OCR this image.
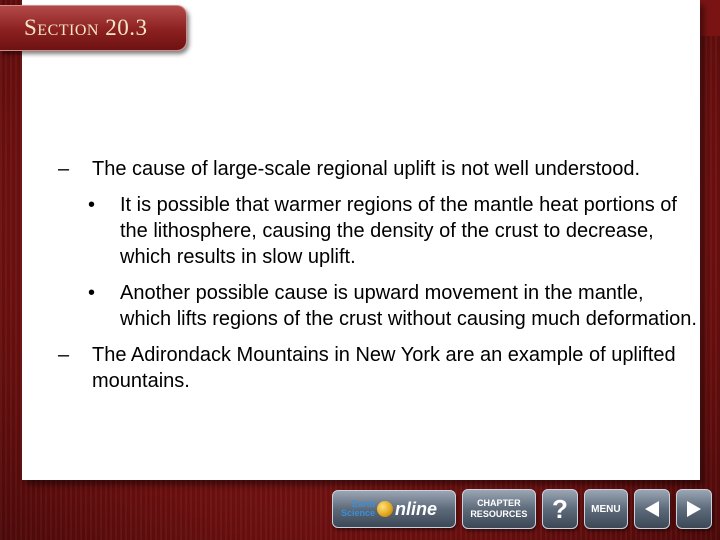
Section 20.3	Other Types of Mountains
– The cause of large-scale regional uplift is not well understood.
• It is possible that warmer regions of the mantle heat portions of the lithosphere, causing the density of the crust to decrease, which results in slow uplift.
• Another possible cause is upward movement in the mantle, which lifts regions of the crust without causing much deformation.
– The Adirondack Mountains in New York are an example of uplifted mountains.
Earth
Science nline	CHAPTER
RESOURCES ? MENU
